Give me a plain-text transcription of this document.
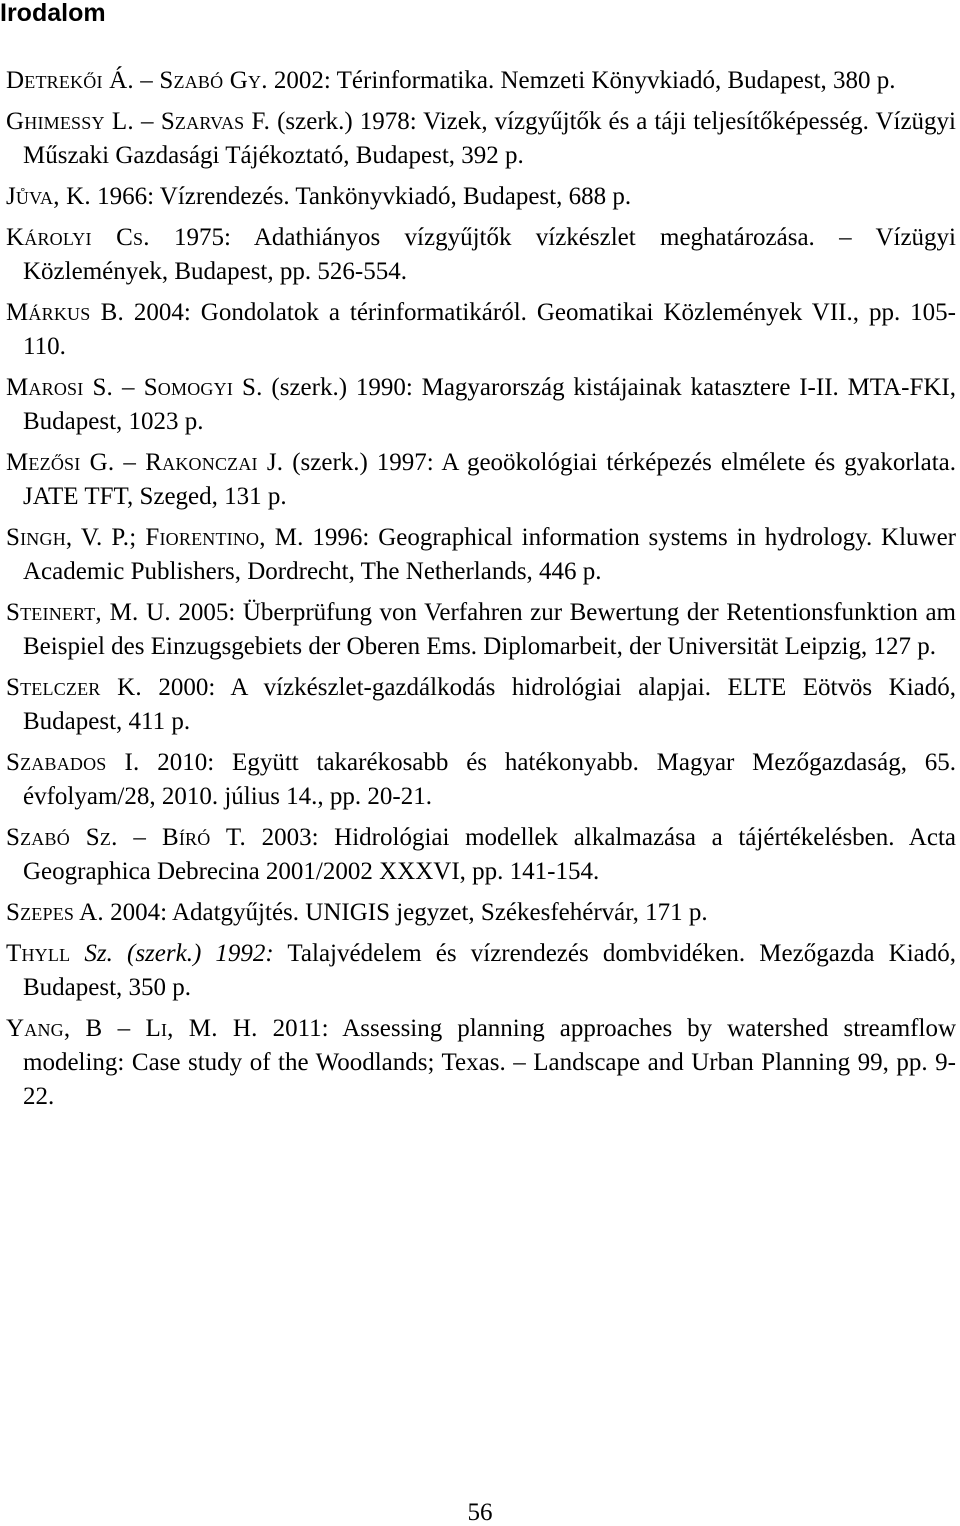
Irodalom

Detrekői Á. – Szabó Gy. 2002: Térinformatika. Nemzeti Könyvkiadó, Budapest, 380 p.

Ghimessy L. – Szarvas F. (szerk.) 1978: Vizek, vízgyűjtők és a táji teljesítőképesség. Vízügyi Műszaki Gazdasági Tájékoztató, Budapest, 392 p.

Jůva, K. 1966: Vízrendezés. Tankönyvkiadó, Budapest, 688 p.

Károlyi Cs. 1975: Adathiányos vízgyűjtők vízkészlet meghatározása. – Vízügyi Közlemények, Budapest, pp. 526-554.

Márkus B. 2004: Gondolatok a térinformatikáról. Geomatikai Közlemények VII., pp. 105-110.

Marosi S. – Somogyi S. (szerk.) 1990: Magyarország kistájainak katasztere I-II. MTA-FKI, Budapest, 1023 p.

Mezősi G. – Rakonczai J. (szerk.) 1997: A geoökológiai térképezés elmélete és gyakorlata. JATE TFT, Szeged, 131 p.

Singh, V. P.; Fiorentino, M. 1996: Geographical information systems in hydrology. Kluwer Academic Publishers, Dordrecht, The Netherlands, 446 p.

Steinert, M. U. 2005: Überprüfung von Verfahren zur Bewertung der Retentionsfunktion am Beispiel des Einzugsgebiets der Oberen Ems. Diplomarbeit, der Universität Leipzig, 127 p.

Stelczer K. 2000: A vízkészlet-gazdálkodás hidrológiai alapjai. ELTE Eötvös Kiadó, Budapest, 411 p.

Szabados I. 2010: Együtt takarékosabb és hatékonyabb. Magyar Mezőgazdaság, 65. évfolyam/28, 2010. július 14., pp. 20-21.

Szabó Sz. – Bíró T. 2003: Hidrológiai modellek alkalmazása a tájértékelésben. Acta Geographica Debrecina 2001/2002 XXXVI, pp. 141-154.

Szepes A. 2004: Adatgyűjtés. UNIGIS jegyzet, Székesfehérvár, 171 p.

Thyll Sz. (szerk.) 1992: Talajvédelem és vízrendezés dombvidéken. Mezőgazda Kiadó, Budapest, 350 p.

Yang, B – Li, M. H. 2011: Assessing planning approaches by watershed streamflow modeling: Case study of the Woodlands; Texas. – Landscape and Urban Planning 99, pp. 9-22.

56
